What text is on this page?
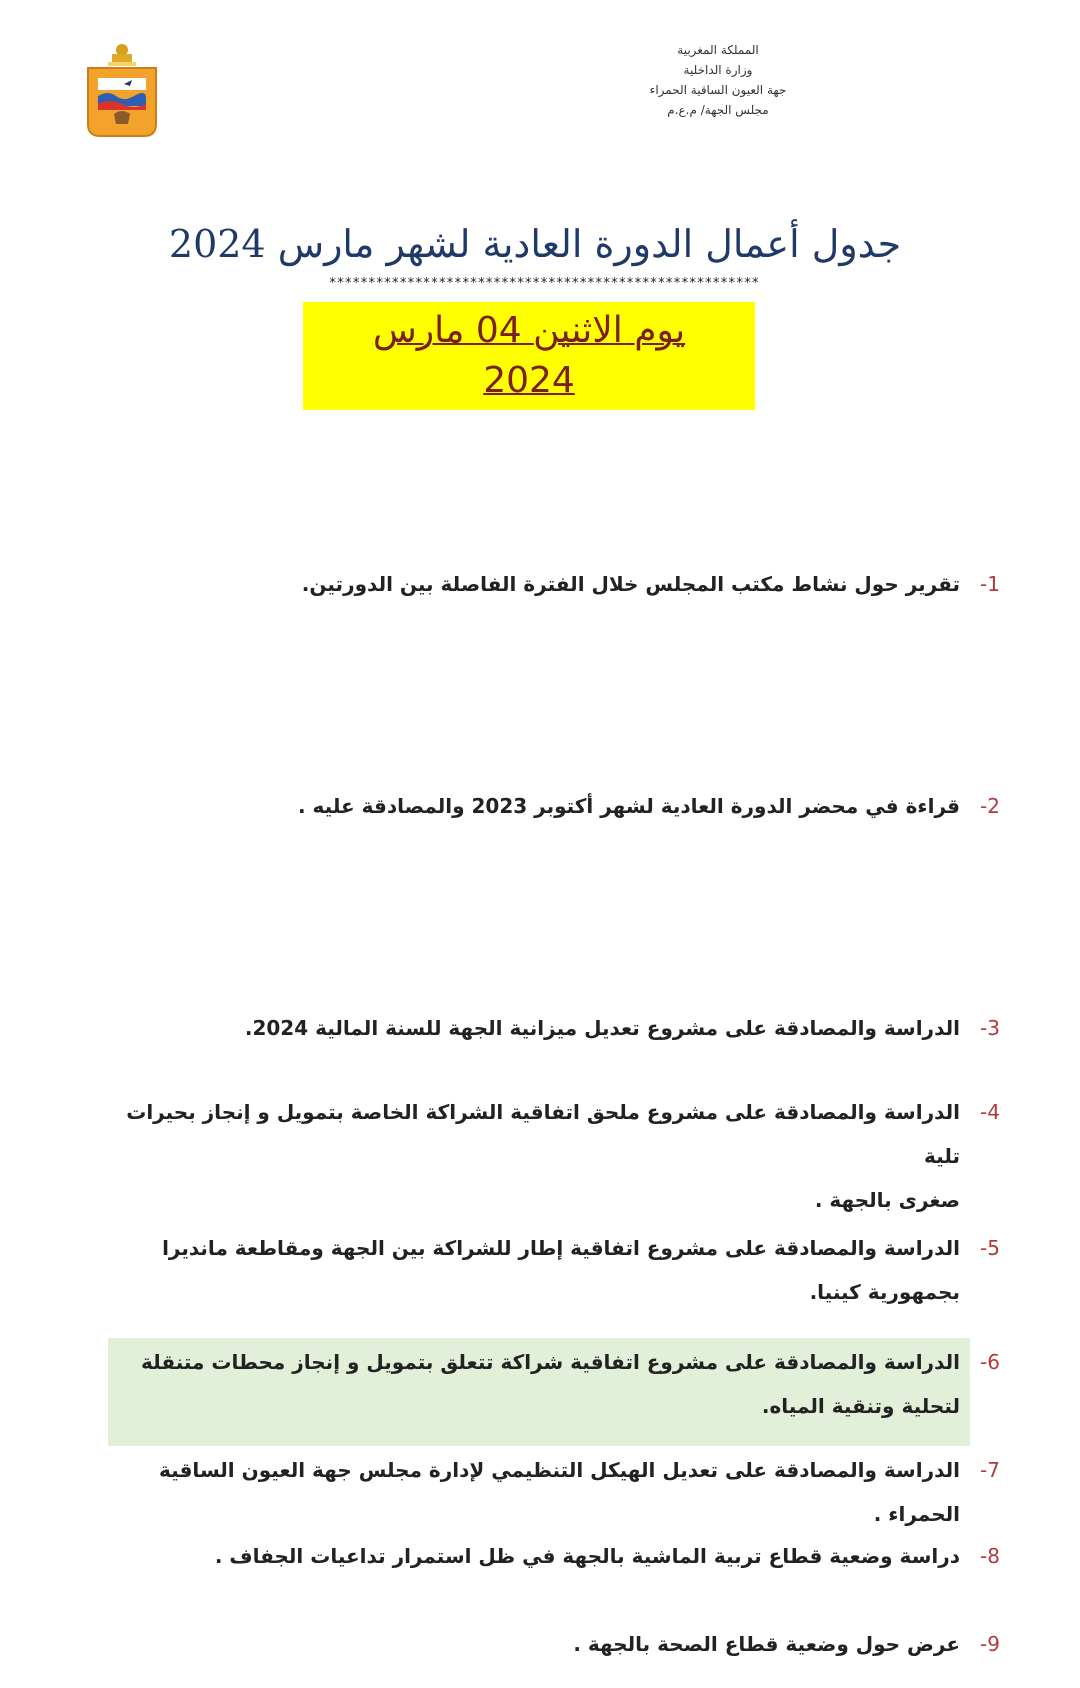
المملكة المغربية
وزارة الداخلية
جهة العيون الساقية الحمراء
مجلس الجهة/ م.ع.م
جدول أعمال الدورة العادية لشهر مارس 2024
*******************************************************
يوم الاثنين 04 مارس
2024
-1
تقرير حول نشاط مكتب المجلس خلال الفترة الفاصلة بين الدورتين.
-2
قراءة في محضر الدورة العادية لشهر أكتوبر 2023 والمصادقة عليه .
-3
الدراسة والمصادقة على مشروع تعديل ميزانية الجهة للسنة المالية 2024.
-4
الدراسة والمصادقة على مشروع ملحق اتفاقية الشراكة الخاصة بتمويل و إنجاز بحيرات تلية
صغرى بالجهة .
-5
الدراسة والمصادقة على مشروع اتفاقية إطار للشراكة بين الجهة ومقاطعة مانديرا
بجمهورية كينيا.
-6
الدراسة والمصادقة على مشروع اتفاقية شراكة تتعلق بتمويل و إنجاز محطات متنقلة
لتحلية وتنقية المياه.
-7
الدراسة والمصادقة على تعديل الهيكل التنظيمي لإدارة مجلس جهة العيون الساقية الحمراء .
-8
دراسة وضعية قطاع تربية الماشية بالجهة في ظل استمرار تداعيات الجفاف .
-9
عرض حول وضعية قطاع الصحة بالجهة .
